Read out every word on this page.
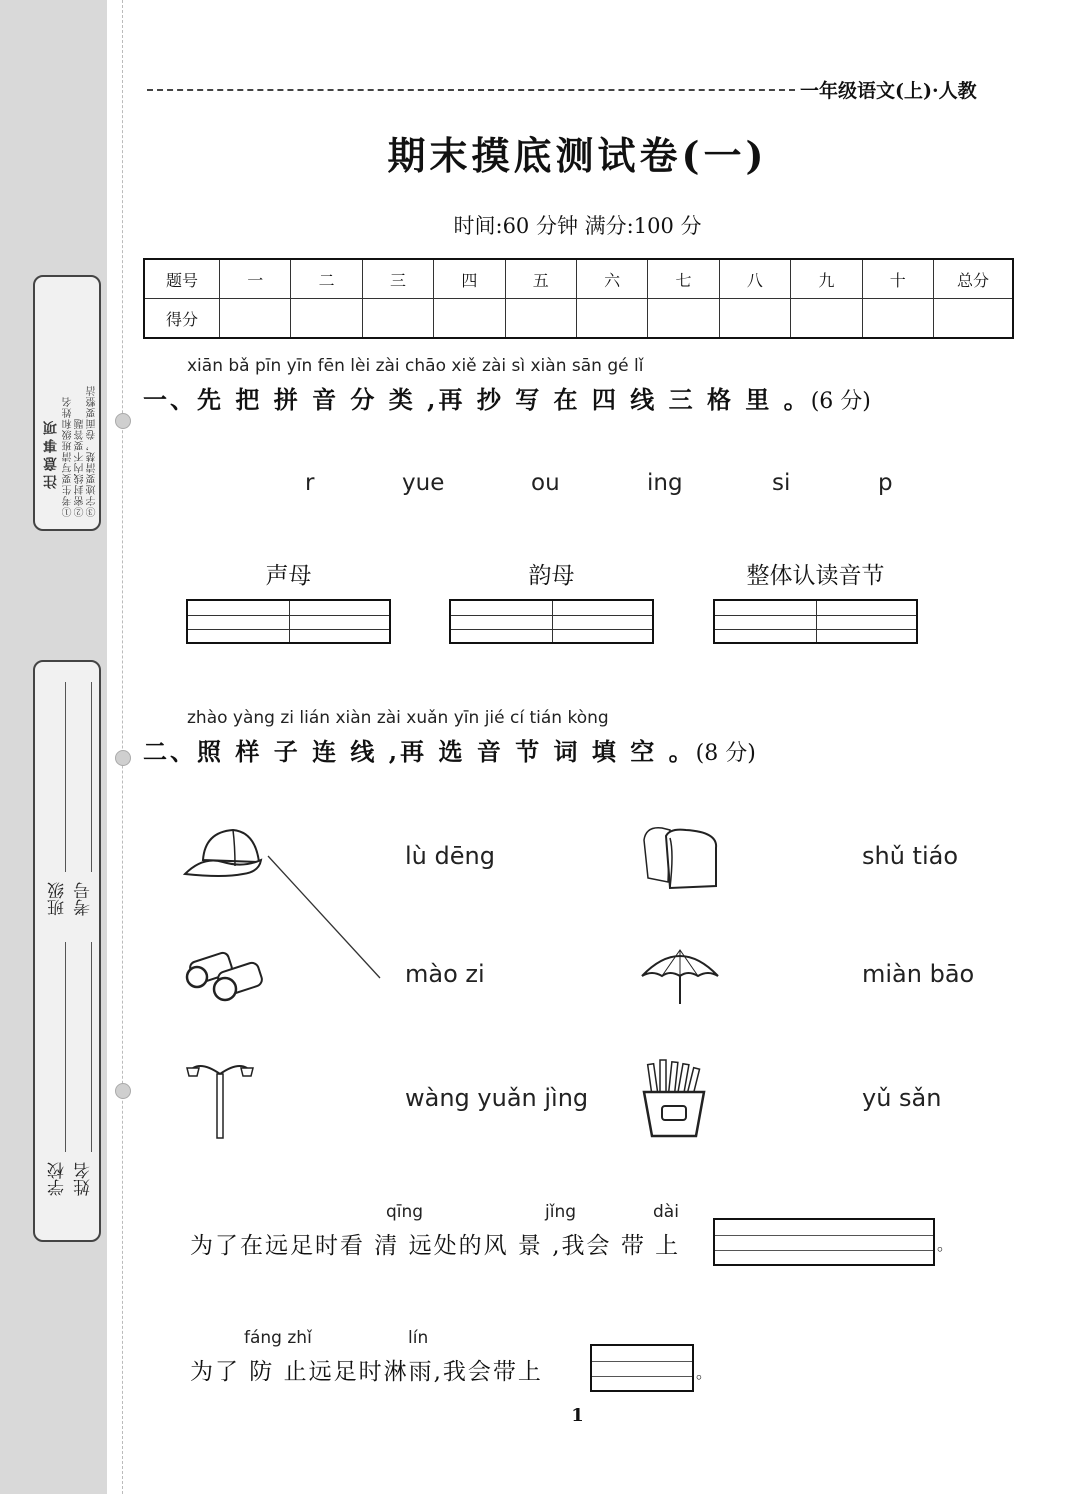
注意事项 ①考生要写清班级和姓名 ②密封线内不要答题 ③字迹要清楚，卷面要整洁
学校 姓名
班级 考号
一年级语文(上)·人教
期末摸底测试卷(一)
时间:60 分钟 满分:100 分
题号	一	二	三	四	五	六	七	八	九	十	总分
得分											
xiān bǎ pīn yīn fēn lèi zài chāo xiě zài sì xiàn sān gé lǐ
一、先 把 拼 音 分 类 ,再 抄 写 在 四 线 三 格 里 。(6 分)
r	yue	ou	ing	si	p
声母	韵母	整体认读音节
zhào yàng zi lián xiàn zài xuǎn yīn jié cí tián kòng
二、照 样 子 连 线 ,再 选 音 节 词 填 空 。(8 分)
lù dēng
mào zi
wàng yuǎn jìng
shǔ tiáo
miàn bāo
yǔ sǎn
qīng	jǐng	dài
为了在远足时看 清 远处的风 景 ,我会 带 上	。
fáng zhǐ	lín
为了 防 止远足时淋雨,我会带上	。
1
